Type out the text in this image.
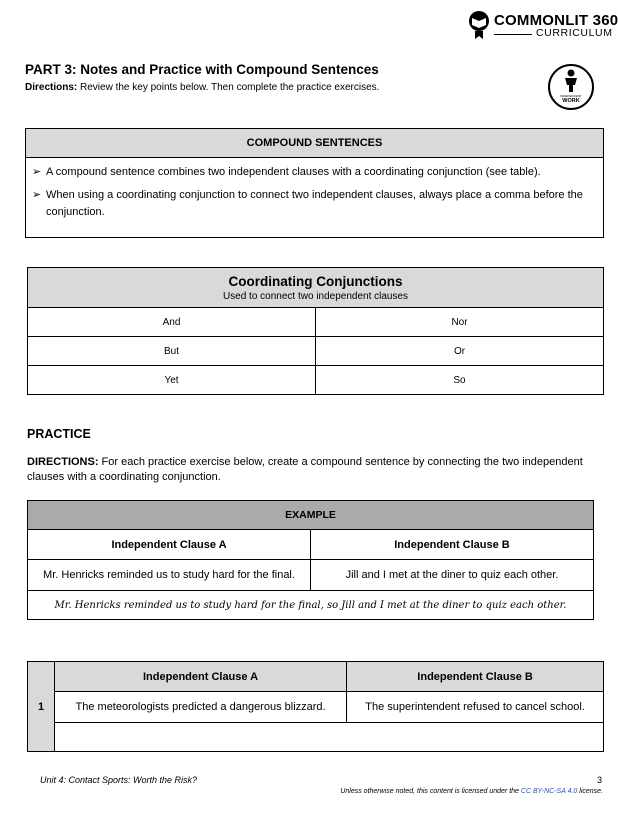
COMMONLIT 360
CURRICULUM
INDEPENDENT
WORK
PART 3: Notes and Practice with Compound Sentences
Directions: Review the key points below. Then complete the practice exercises.
COMPOUND SENTENCES

➢ A compound sentence combines two independent clauses with a coordinating conjunction (see table).
➢ When using a coordinating conjunction to connect two independent clauses, always place a comma before the conjunction.
Coordinating Conjunctions
Used to connect two independent clauses	

And	Nor
But	Or
Yet	So
PRACTICE
DIRECTIONS: For each practice exercise below, create a compound sentence by connecting the two independent clauses with a coordinating conjunction.
EXAMPLE	
Independent Clause A	Independent Clause B
Mr. Henricks reminded us to study hard for the final.	Jill and I met at the diner to quiz each other.
Mr. Henricks reminded us to study hard for the final, so Jill and I met at the diner to quiz each other.	
1	Independent Clause A	Independent Clause B
	The meteorologists predicted a dangerous blizzard.	The superintendent refused to cancel school.

Unit 4: Contact Sports: Worth the Risk?	3
Unless otherwise noted, this content is licensed under the CC BY-NC-SA 4.0 license.
